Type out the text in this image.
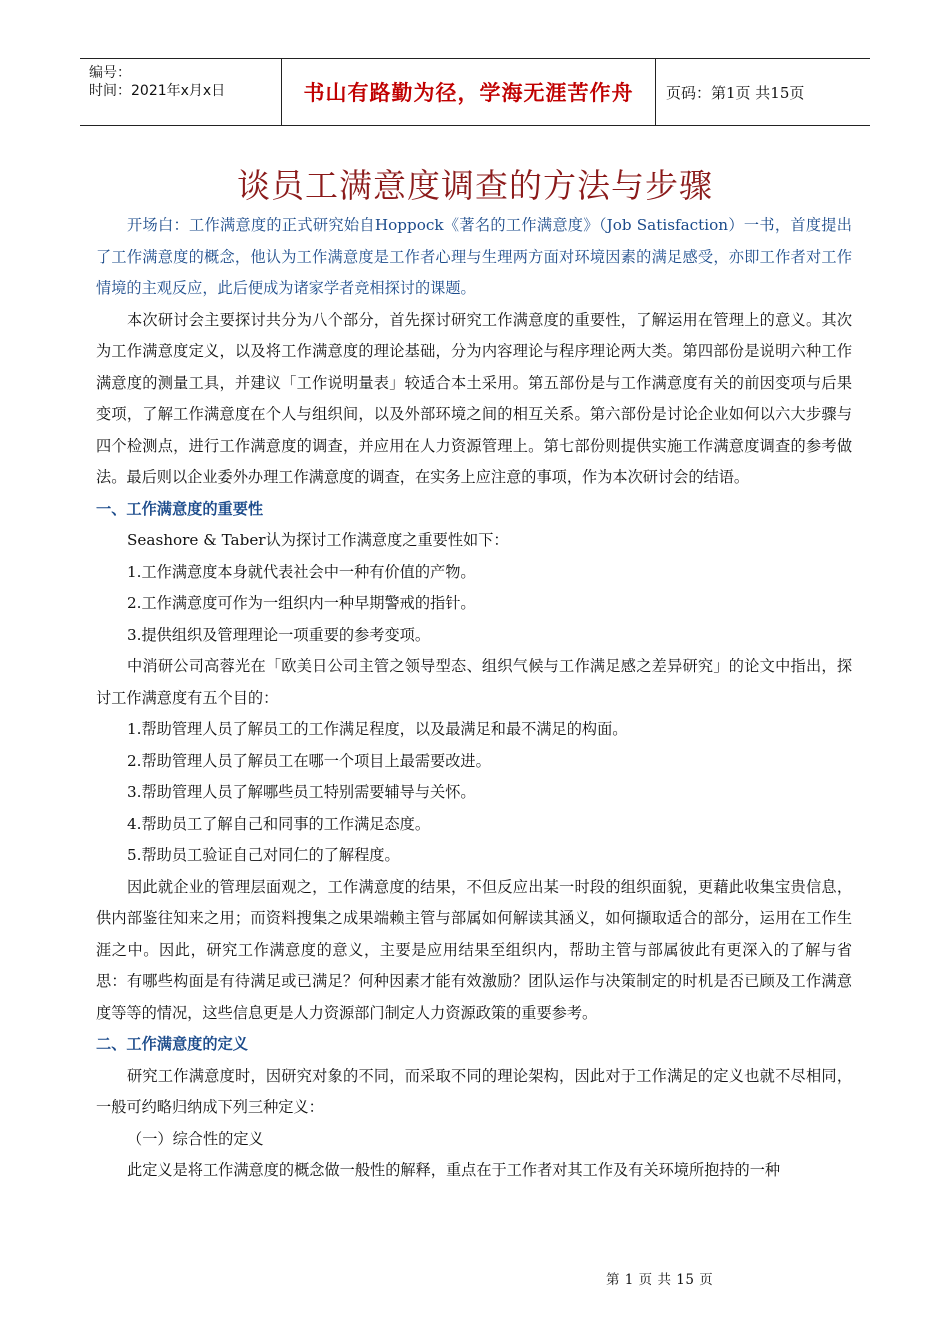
编号：
时间：2021年x月x日	书山有路勤为径，学海无涯苦作舟	页码：第1页 共15页
谈员工满意度调查的方法与步骤

开场白：工作满意度的正式研究始自Hoppock《著名的工作满意度》（Job Satisfaction）一书，首度提出了工作满意度的概念，他认为工作满意度是工作者心理与生理两方面对环境因素的满足感受，亦即工作者对工作情境的主观反应，此后便成为诸家学者竞相探讨的课题。

本次研讨会主要探讨共分为八个部分，首先探讨研究工作满意度的重要性，了解运用在管理上的意义。其次为工作满意度定义，以及将工作满意度的理论基础，分为内容理论与程序理论两大类。第四部份是说明六种工作满意度的测量工具，并建议「工作说明量表」较适合本土采用。第五部份是与工作满意度有关的前因变项与后果变项，了解工作满意度在个人与组织间，以及外部环境之间的相互关系。第六部份是讨论企业如何以六大步骤与四个检测点，进行工作满意度的调查，并应用在人力资源管理上。第七部份则提供实施工作满意度调查的参考做法。最后则以企业委外办理工作满意度的调查，在实务上应注意的事项，作为本次研讨会的结语。

一、工作满意度的重要性

Seashore & Taber认为探讨工作满意度之重要性如下：

1.工作满意度本身就代表社会中一种有价值的产物。

2.工作满意度可作为一组织内一种早期警戒的指针。

3.提供组织及管理理论一项重要的参考变项。

中消研公司高蓉光在「欧美日公司主管之领导型态、组织气候与工作满足感之差异研究」的论文中指出，探讨工作满意度有五个目的：

1.帮助管理人员了解员工的工作满足程度，以及最满足和最不满足的构面。

2.帮助管理人员了解员工在哪一个项目上最需要改进。

3.帮助管理人员了解哪些员工特别需要辅导与关怀。

4.帮助员工了解自己和同事的工作满足态度。

5.帮助员工验证自己对同仁的了解程度。

因此就企业的管理层面观之，工作满意度的结果，不但反应出某一时段的组织面貌，更藉此收集宝贵信息，供内部鉴往知来之用；而资料搜集之成果端赖主管与部属如何解读其涵义，如何撷取适合的部分，运用在工作生涯之中。因此，研究工作满意度的意义，主要是应用结果至组织内，帮助主管与部属彼此有更深入的了解与省思：有哪些构面是有待满足或已满足？何种因素才能有效激励？团队运作与决策制定的时机是否已顾及工作满意度等等的情况，这些信息更是人力资源部门制定人力资源政策的重要参考。

二、工作满意度的定义

研究工作满意度时，因研究对象的不同，而采取不同的理论架构，因此对于工作满足的定义也就不尽相同，一般可约略归纳成下列三种定义：

（一）综合性的定义

此定义是将工作满意度的概念做一般性的解释，重点在于工作者对其工作及有关环境所抱持的一种

第 1 页 共 15 页
